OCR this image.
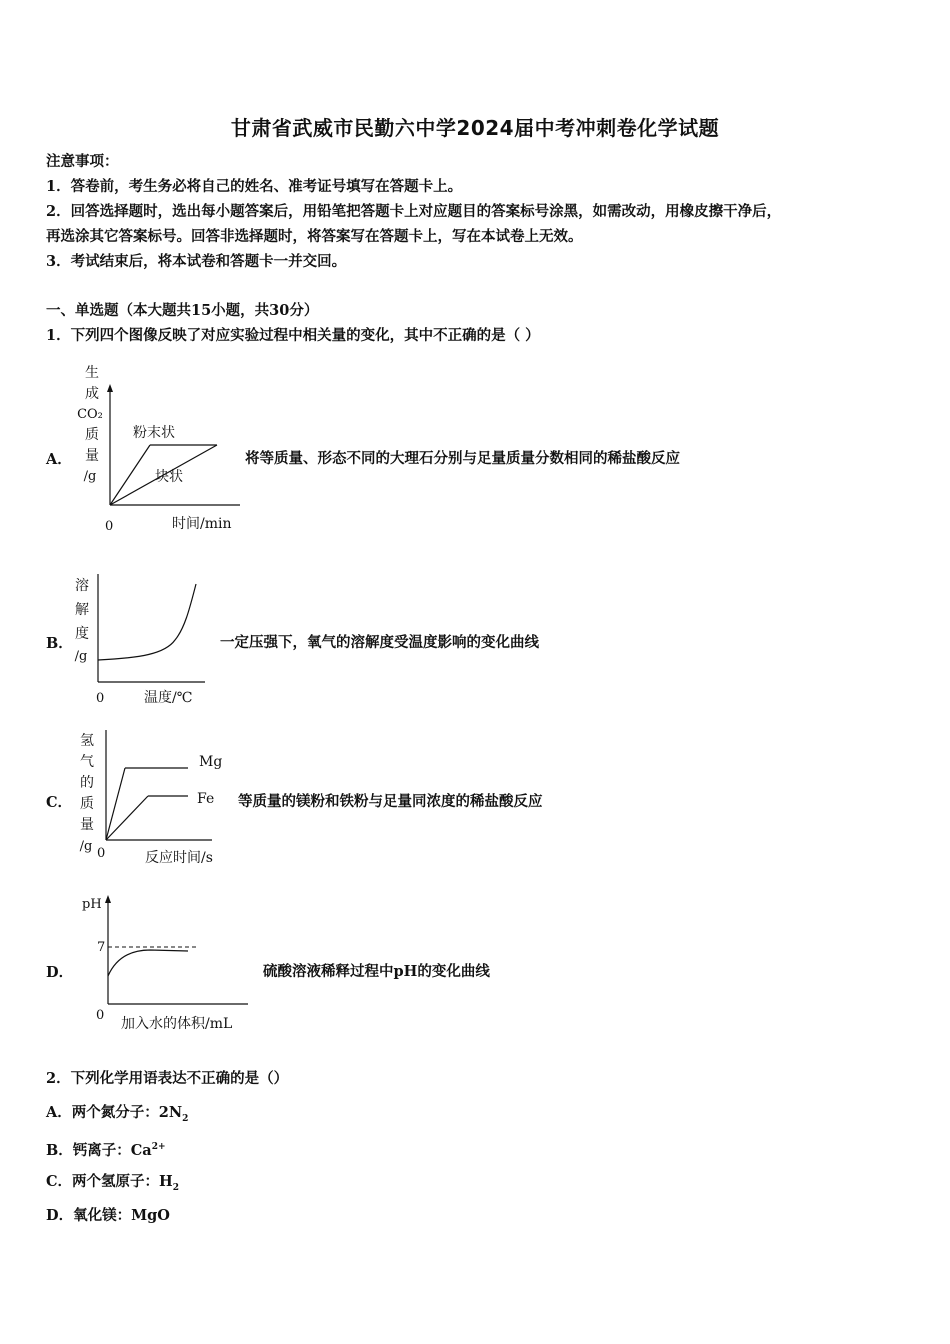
甘肃省武威市民勤六中学2024届中考冲刺卷化学试题
注意事项：
1．答卷前，考生务必将自己的姓名、准考证号填写在答题卡上。
2．回答选择题时，选出每小题答案后，用铅笔把答题卡上对应题目的答案标号涂黑，如需改动，用橡皮擦干净后，
再选涂其它答案标号。回答非选择题时，将答案写在答题卡上，写在本试卷上无效。
3．考试结束后，将本试卷和答题卡一并交回。
一、单选题（本大题共15小题，共30分）
1．下列四个图像反映了对应实验过程中相关量的变化，其中不正确的是（ ）
A．	将等质量、形态不同的大理石分别与足量质量分数相同的稀盐酸反应
生
成
CO₂
质
量
/g
粉末状
块状
0	时间/min
B．	一定压强下，氧气的溶解度受温度影响的变化曲线
溶
解
度
/g
0	温度/℃
C．	等质量的镁粉和铁粉与足量同浓度的稀盐酸反应
氢
气
的
质
量
/g
Mg
Fe
0	反应时间/s
D．	硫酸溶液稀释过程中pH的变化曲线
pH
7
0
加入水的体积/mL
2．下列化学用语表达不正确的是（）
A．两个氮分子：$2N_2$
B．钙离子：$Ca^{2+}$
C．两个氢原子：$H_2$
D．氧化镁：MgO
